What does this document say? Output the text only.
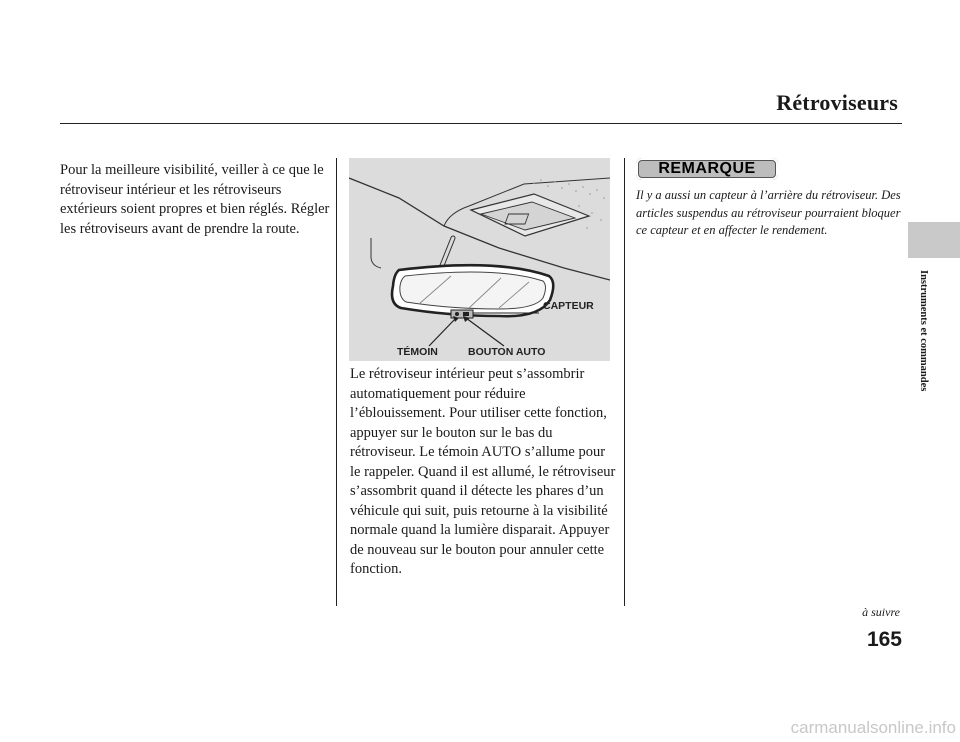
Rétroviseurs
Pour la meilleure visibilité, veiller à ce que le rétroviseur intérieur et les rétroviseurs extérieurs soient propres et bien réglés. Régler les rétroviseurs avant de prendre la route.
CAPTEUR
TÉMOIN	BOUTON AUTO
Le rétroviseur intérieur peut s’assombrir automatiquement pour réduire l’éblouissement. Pour utiliser cette fonction, appuyer sur le bouton sur le bas du rétroviseur. Le témoin AUTO s’allume pour le rappeler. Quand il est allumé, le rétroviseur s’assombrit quand il détecte les phares d’un véhicule qui suit, puis retourne à la visibilité normale quand la lumière disparait. Appuyer de nouveau sur le bouton pour annuler cette fonction.
REMARQUE
Il y a aussi un capteur à l’arrière du rétroviseur. Des articles suspendus au rétroviseur pourraient bloquer ce capteur et en affecter le rendement.
Instruments et commandes
à suivre
165
carmanualsonline.info
